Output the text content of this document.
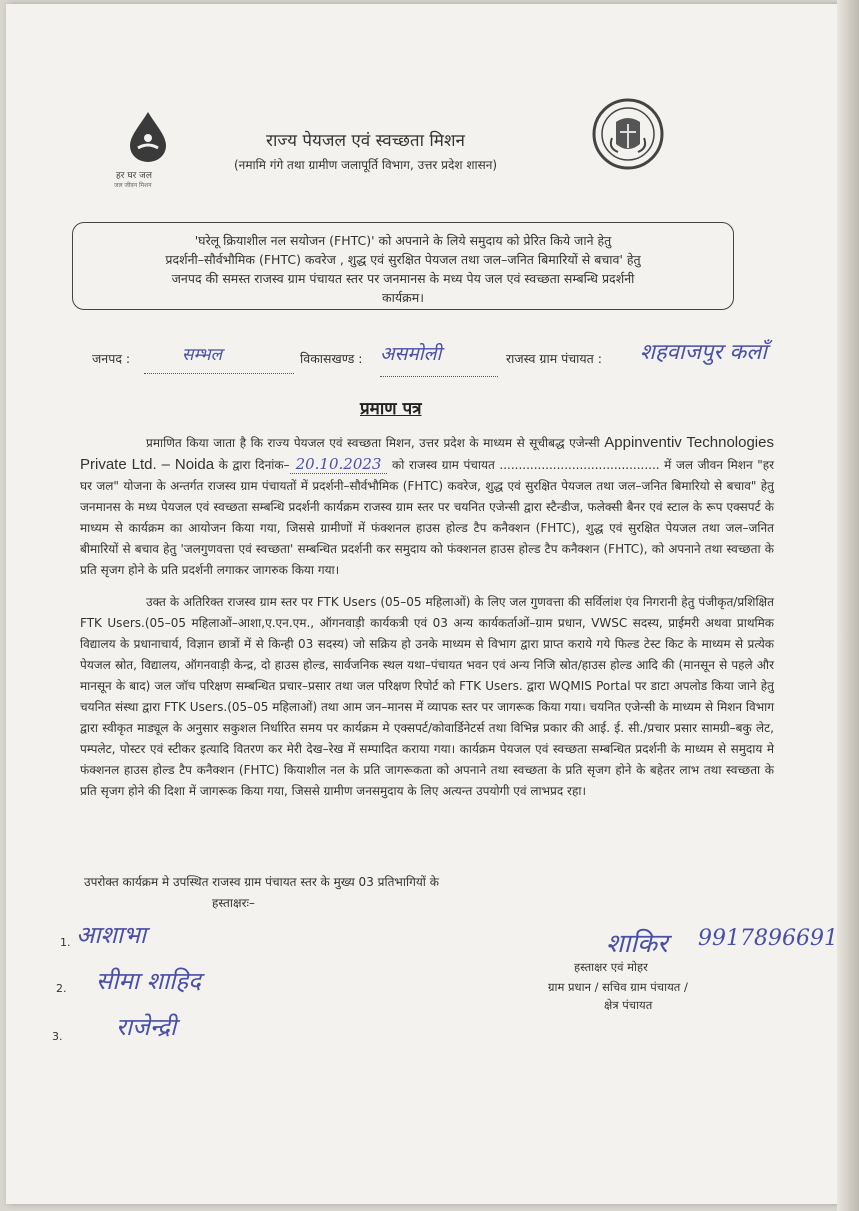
हर घर जल
जल जीवन मिशन
राज्य पेयजल एवं स्वच्छता मिशन
(नमामि गंगे तथा ग्रामीण जलापूर्ति विभाग, उत्तर प्रदेश शासन)
'घरेलू क्रियाशील नल सयोजन (FHTC)' को अपनाने के लिये समुदाय को प्रेरित किये जाने हेतु
प्रदर्शनी–सौर्वभौमिक (FHTC) कवरेज , शुद्ध एवं सुरक्षित पेयजल तथा जल–जनित बिमारियों से बचाव' हेतु
जनपद की समस्त राजस्व ग्राम पंचायत स्तर पर जनमानस के मध्य पेय जल एवं स्वच्छता सम्बन्धि प्रदर्शनी
कार्यक्रम।
जनपद :	सम्भल	विकासखण्ड : असमोली	राजस्व ग्राम पंचायत : शहवाजपुर कलाँ
प्रमाण पत्र
प्रमाणित किया जाता है कि राज्य पेयजल एवं स्वच्छता मिशन, उत्तर प्रदेश के माध्यम से सूचीबद्ध एजेन्सी Appinventiv Technologies Private Ltd. – Noida के द्वारा दिनांक– 20.10.2023 को राजस्व ग्राम पंचायत .......................................... में जल जीवन मिशन "हर घर जल" योजना के अन्तर्गत राजस्व ग्राम पंचायतों में प्रदर्शनी–सौर्वभौमिक (FHTC) कवरेज, शुद्ध एवं सुरक्षित पेयजल तथा जल–जनित बिमारियो से बचाव" हेतु जनमानस के मध्य पेयजल एवं स्वच्छता सम्बन्धि प्रदर्शनी कार्यक्रम राजस्व ग्राम स्तर पर चयनित एजेन्सी द्वारा स्टैन्डीज, फलेक्सी बैनर एवं स्टाल के रूप एक्सपर्ट के माध्यम से कार्यक्रम का आयोजन किया गया, जिससे ग्रामीणों में फंक्शनल हाउस होल्ड टैप कनैक्शन (FHTC), शुद्ध एवं सुरक्षित पेयजल तथा जल–जनित बीमारियों से बचाव हेतु 'जलगुणवत्ता एवं स्वच्छता' सम्बन्धित प्रदर्शनी कर समुदाय को फंक्शनल हाउस होल्ड टैप कनैक्शन (FHTC), को अपनाने तथा स्वच्छता के प्रति सृजग होने के प्रति प्रदर्शनी लगाकर जागरुक किया गया।
उक्त के अतिरिक्त राजस्व ग्राम स्तर पर FTK Users (05–05 महिलाओं) के लिए जल गुणवत्ता की सर्विलांश एंव निगरानी हेतु पंजीकृत/प्रशिक्षित FTK Users.(05–05 महिलाओं–आशा,ए.एन.एम., ऑगनवाड़ी कार्यकत्री एवं 03 अन्य कार्यकर्ताओं–ग्राम प्रधान, VWSC सदस्य, प्राईमरी अथवा प्राथमिक विद्यालय के प्रधानाचार्य, विज्ञान छात्रों में से किन्ही 03 सदस्य) जो सक्रिय हो उनके माध्यम से विभाग द्वारा प्राप्त कराये गये फिल्ड टेस्ट किट के माध्यम से प्रत्येक पेयजल स्रोत, विद्यालय, ऑगनवाड़ी केन्द्र, दो हाउस होल्ड, सार्वजनिक स्थल यथा–पंचायत भवन एवं अन्य निजि स्रोत/हाउस होल्ड आदि की (मानसून से पहले और मानसून के बाद) जल जॉच परिक्षण सम्बन्धित प्रचार–प्रसार तथा जल परिक्षण रिपोर्ट को FTK Users. द्वारा WQMIS Portal पर डाटा अपलोड किया जाने हेतु चयनित संस्था द्वारा FTK Users.(05–05 महिलाओं) तथा आम जन–मानस में व्यापक स्तर पर जागरूक किया गया। चयनित एजेन्सी के माध्यम से मिशन विभाग द्वारा स्वीकृत माड्यूल के अनुसार सकुशल निर्धारित समय पर कार्यक्रम मे एक्सपर्ट/कोवार्डिनेटर्स तथा विभिन्न प्रकार की आई. ई. सी./प्रचार प्रसार सामग्री–बकु लेट, पम्पलेट, पोस्टर एवं स्टीकर इत्यादि वितरण कर मेरी देख–रेख में सम्पादित कराया गया। कार्यक्रम पेयजल एवं स्वच्छता सम्बन्धित प्रदर्शनी के माध्यम से समुदाय मे फंक्शनल हाउस होल्ड टैप कनैक्शन (FHTC) कियाशील नल के प्रति जागरूकता को अपनाने तथा स्वच्छता के प्रति सृजग होने के बहेतर लाभ तथा स्वच्छता के प्रति सृजग होने की दिशा में जागरूक किया गया, जिससे ग्रामीण जनसमुदाय के लिए अत्यन्त उपयोगी एवं लाभप्रद रहा।
उपरोक्त कार्यक्रम मे उपस्थित राजस्व ग्राम पंचायत स्तर के मुख्य 03 प्रतिभागियों के
हस्ताक्षरः–
1. आशाभा
2. सीमा शाहिद
3. राजेन्द्री
शाकिर 9917896691
हस्ताक्षर एवं मोहर
ग्राम प्रधान / सचिव ग्राम पंचायत /
क्षेत्र पंचायत
